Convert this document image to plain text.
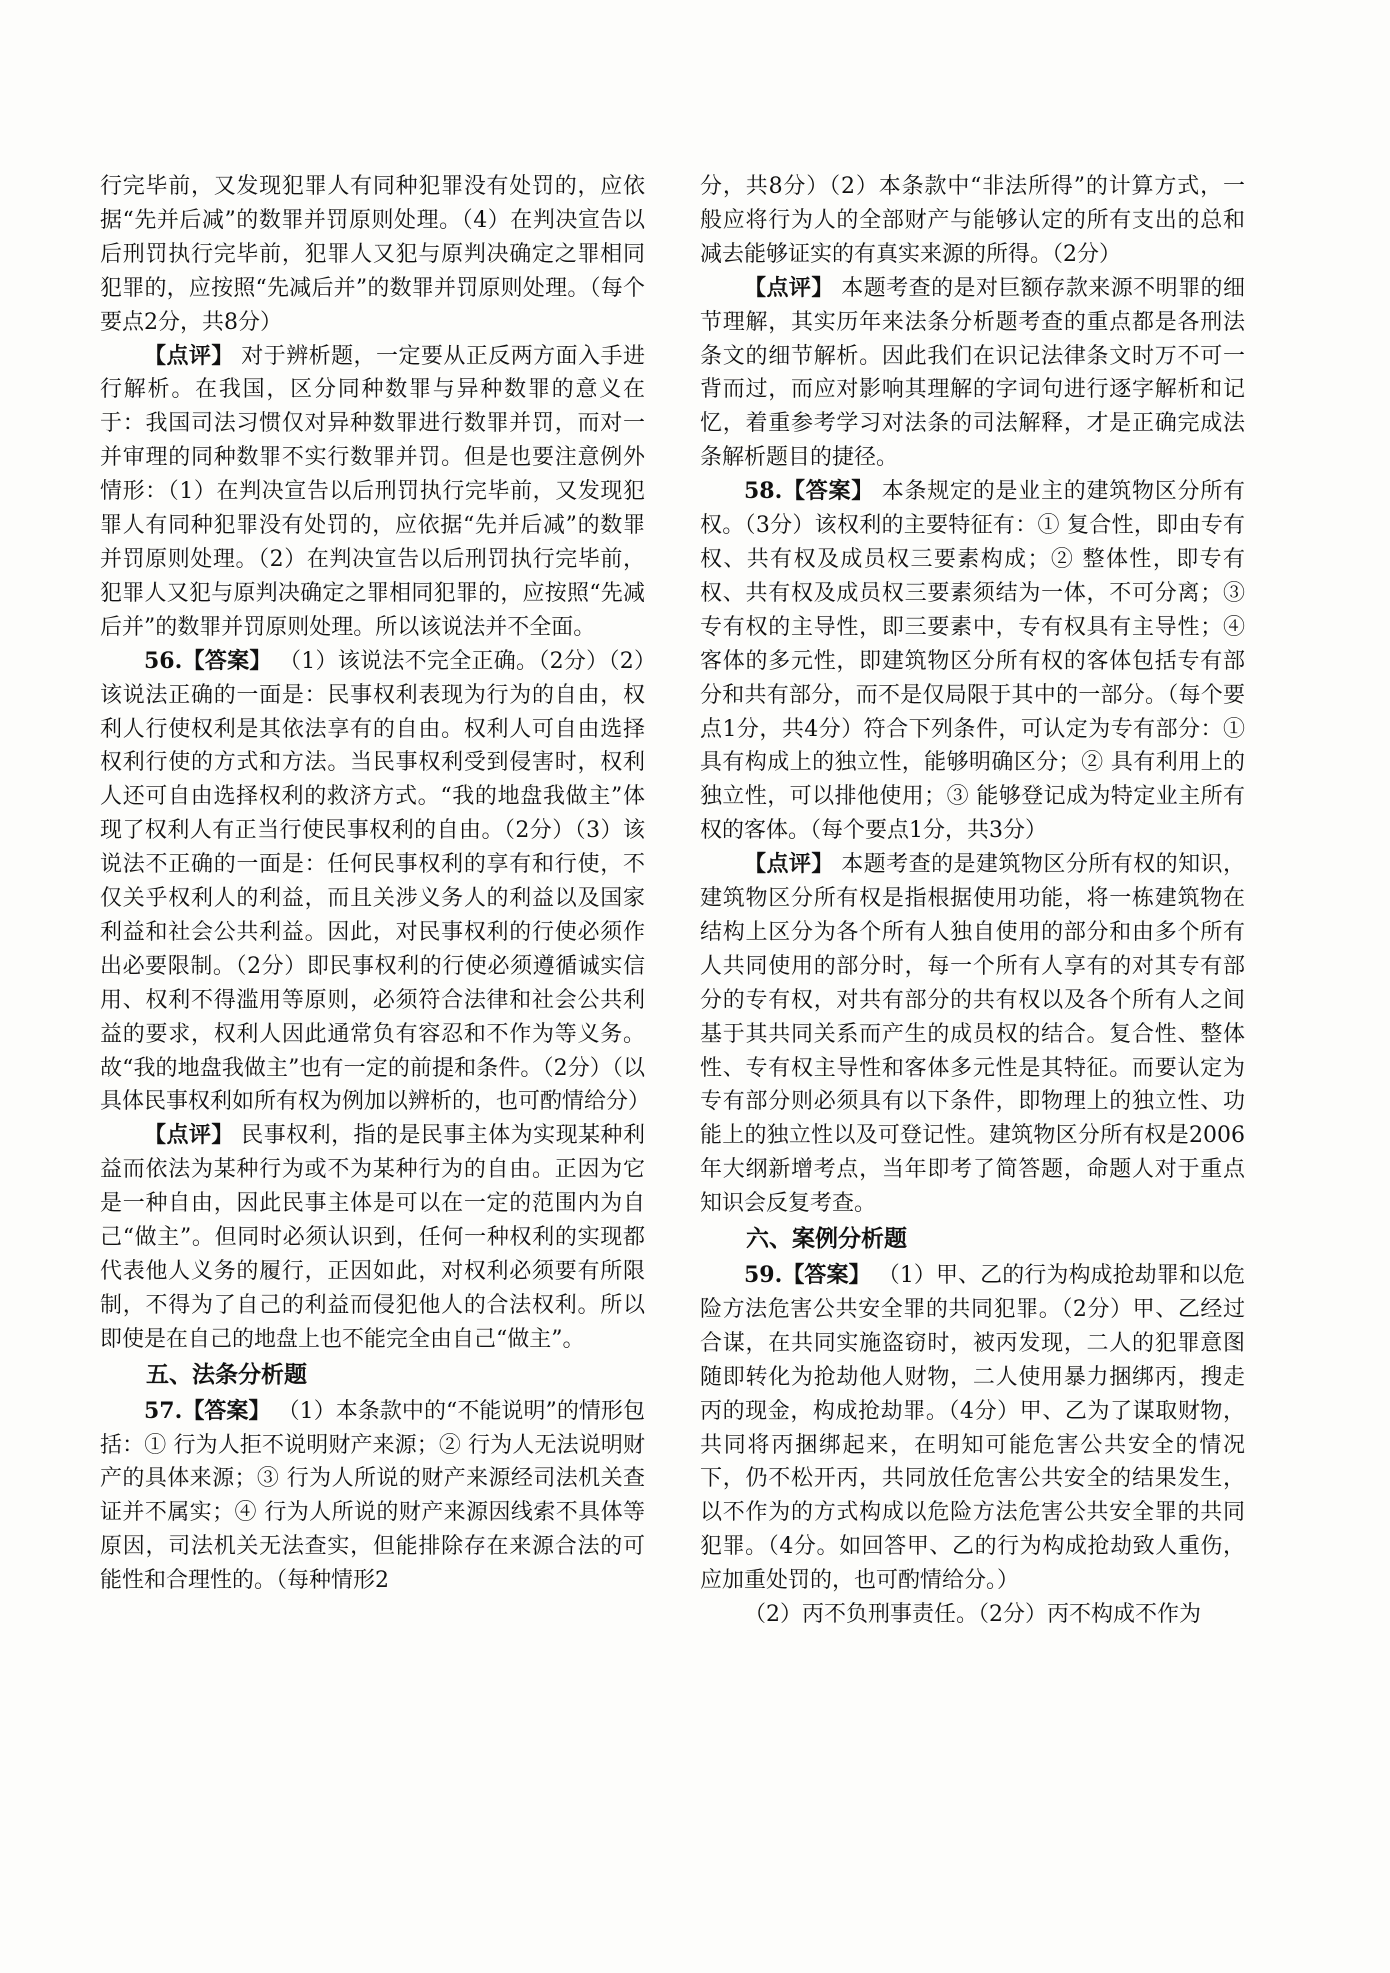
行完毕前，又发现犯罪人有同种犯罪没有处罚的，应依据“先并后减”的数罪并罚原则处理。（4）在判决宣告以后刑罚执行完毕前，犯罪人又犯与原判决确定之罪相同犯罪的，应按照“先减后并”的数罪并罚原则处理。（每个要点2分，共8分）

【点评】 对于辨析题，一定要从正反两方面入手进行解析。在我国，区分同种数罪与异种数罪的意义在于：我国司法习惯仅对异种数罪进行数罪并罚，而对一并审理的同种数罪不实行数罪并罚。但是也要注意例外情形：（1）在判决宣告以后刑罚执行完毕前，又发现犯罪人有同种犯罪没有处罚的，应依据“先并后减”的数罪并罚原则处理。（2）在判决宣告以后刑罚执行完毕前，犯罪人又犯与原判决确定之罪相同犯罪的，应按照“先减后并”的数罪并罚原则处理。所以该说法并不全面。

56.【答案】 （1）该说法不完全正确。（2分）（2）该说法正确的一面是：民事权利表现为行为的自由，权利人行使权利是其依法享有的自由。权利人可自由选择权利行使的方式和方法。当民事权利受到侵害时，权利人还可自由选择权利的救济方式。“我的地盘我做主”体现了权利人有正当行使民事权利的自由。（2分）（3）该说法不正确的一面是：任何民事权利的享有和行使，不仅关乎权利人的利益，而且关涉义务人的利益以及国家利益和社会公共利益。因此，对民事权利的行使必须作出必要限制。（2分）即民事权利的行使必须遵循诚实信用、权利不得滥用等原则，必须符合法律和社会公共利益的要求，权利人因此通常负有容忍和不作为等义务。故“我的地盘我做主”也有一定的前提和条件。（2分）（以具体民事权利如所有权为例加以辨析的，也可酌情给分）

【点评】 民事权利，指的是民事主体为实现某种利益而依法为某种行为或不为某种行为的自由。正因为它是一种自由，因此民事主体是可以在一定的范围内为自己“做主”。但同时必须认识到，任何一种权利的实现都代表他人义务的履行，正因如此，对权利必须要有所限制，不得为了自己的利益而侵犯他人的合法权利。所以即使是在自己的地盘上也不能完全由自己“做主”。

五、法条分析题

57.【答案】 （1）本条款中的“不能说明”的情形包括：① 行为人拒不说明财产来源；② 行为人无法说明财产的具体来源；③ 行为人所说的财产来源经司法机关查证并不属实；④ 行为人所说的财产来源因线索不具体等原因，司法机关无法查实，但能排除存在来源合法的可能性和合理性的。（每种情形2

分，共8分）（2）本条款中“非法所得”的计算方式，一般应将行为人的全部财产与能够认定的所有支出的总和减去能够证实的有真实来源的所得。（2分）

【点评】 本题考查的是对巨额存款来源不明罪的细节理解，其实历年来法条分析题考查的重点都是各刑法条文的细节解析。因此我们在识记法律条文时万不可一背而过，而应对影响其理解的字词句进行逐字解析和记忆，着重参考学习对法条的司法解释，才是正确完成法条解析题目的捷径。

58.【答案】 本条规定的是业主的建筑物区分所有权。（3分）该权利的主要特征有：① 复合性，即由专有权、共有权及成员权三要素构成；② 整体性，即专有权、共有权及成员权三要素须结为一体，不可分离；③ 专有权的主导性，即三要素中，专有权具有主导性；④ 客体的多元性，即建筑物区分所有权的客体包括专有部分和共有部分，而不是仅局限于其中的一部分。（每个要点1分，共4分）符合下列条件，可认定为专有部分：① 具有构成上的独立性，能够明确区分；② 具有利用上的独立性，可以排他使用；③ 能够登记成为特定业主所有权的客体。（每个要点1分，共3分）

【点评】 本题考查的是建筑物区分所有权的知识，建筑物区分所有权是指根据使用功能，将一栋建筑物在结构上区分为各个所有人独自使用的部分和由多个所有人共同使用的部分时，每一个所有人享有的对其专有部分的专有权，对共有部分的共有权以及各个所有人之间基于其共同关系而产生的成员权的结合。复合性、整体性、专有权主导性和客体多元性是其特征。而要认定为专有部分则必须具有以下条件，即物理上的独立性、功能上的独立性以及可登记性。建筑物区分所有权是2006年大纲新增考点，当年即考了简答题，命题人对于重点知识会反复考查。

六、案例分析题

59.【答案】 （1）甲、乙的行为构成抢劫罪和以危险方法危害公共安全罪的共同犯罪。（2分）甲、乙经过合谋，在共同实施盗窃时，被丙发现，二人的犯罪意图随即转化为抢劫他人财物，二人使用暴力捆绑丙，搜走丙的现金，构成抢劫罪。（4分）甲、乙为了谋取财物，共同将丙捆绑起来，在明知可能危害公共安全的情况下，仍不松开丙，共同放任危害公共安全的结果发生，以不作为的方式构成以危险方法危害公共安全罪的共同犯罪。（4分。如回答甲、乙的行为构成抢劫致人重伤，应加重处罚的，也可酌情给分。）

（2）丙不负刑事责任。（2分）丙不构成不作为
